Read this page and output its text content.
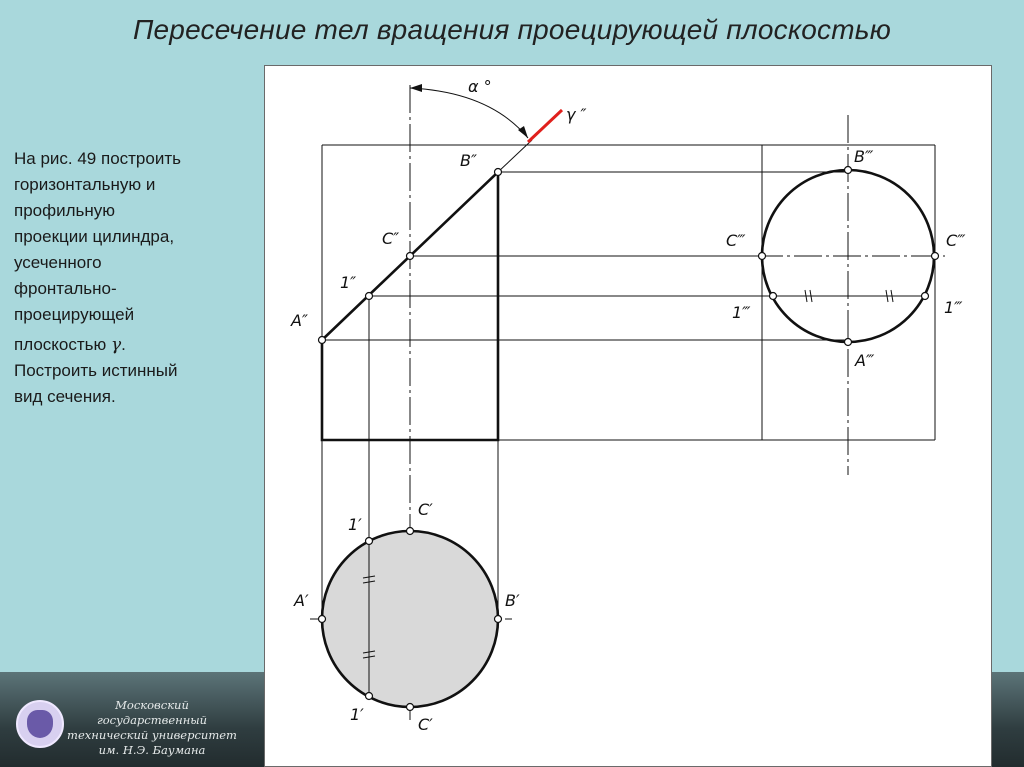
Пересечение тел вращения проецирующей плоскостью
На рис. 49 построить
горизонтальную и
профильную
проекции цилиндра,
усеченного
фронтально-
проецирующей
плоскостью γ.
Построить истинный
вид сечения.
Московский государственный
технический университет
им. Н.Э. Баумана
α °
γ ″
B″
C″
1″
A″
B‴
C‴	C‴
1‴	1‴
A‴
C′
1′
A′	B′
1′
C′
